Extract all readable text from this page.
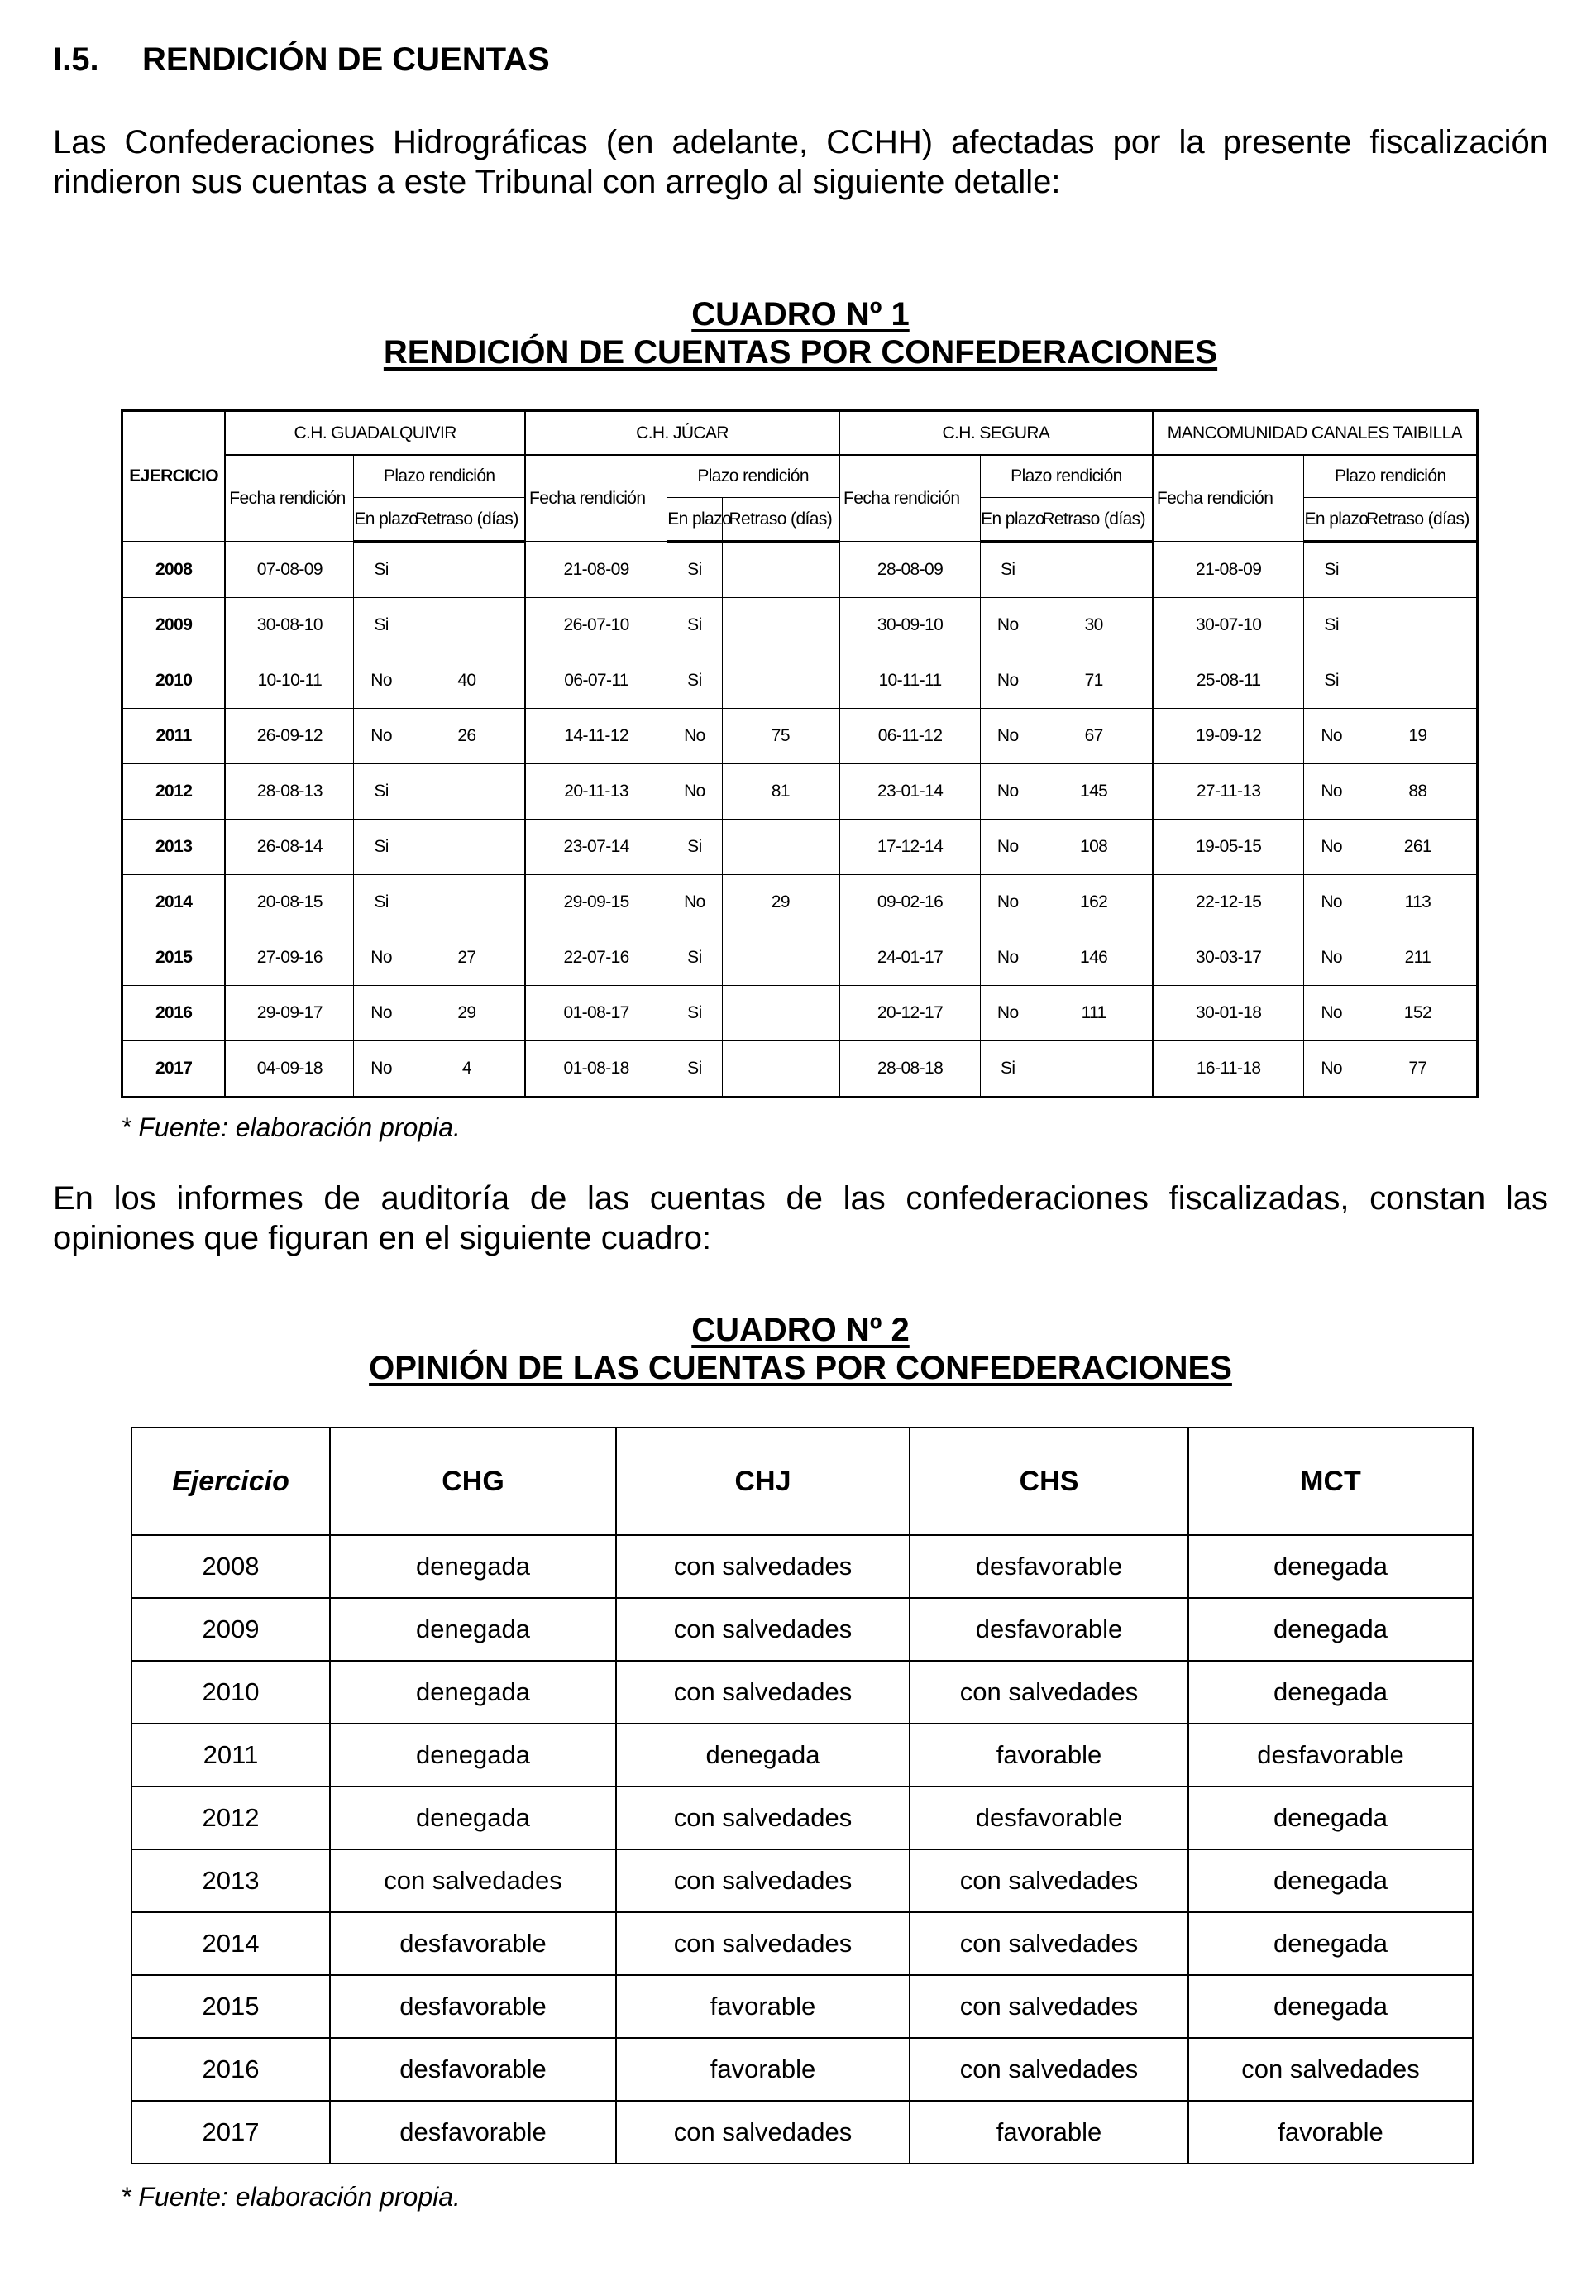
I.5. RENDICIÓN DE CUENTAS
Las Confederaciones Hidrográficas (en adelante, CCHH) afectadas por la presente fiscalización rindieron sus cuentas a este Tribunal con arreglo al siguiente detalle:
CUADRO Nº 1
RENDICIÓN DE CUENTAS POR CONFEDERACIONES
EJERCICIO	C.H. GUADALQUIVIR			C.H. JÚCAR			C.H. SEGURA			MANCOMUNIDAD CANALES TAIBILLA		
	Fecha rendición	Plazo rendición		Fecha rendición	Plazo rendición		Fecha rendición	Plazo rendición		Fecha rendición	Plazo rendición	
		En plazo	Retraso (días)		En plazo	Retraso (días)		En plazo	Retraso (días)		En plazo	Retraso (días)
2008	07-08-09	Si		21-08-09	Si		28-08-09	Si		21-08-09	Si	
2009	30-08-10	Si		26-07-10	Si		30-09-10	No	30	30-07-10	Si	
2010	10-10-11	No	40	06-07-11	Si		10-11-11	No	71	25-08-11	Si	
2011	26-09-12	No	26	14-11-12	No	75	06-11-12	No	67	19-09-12	No	19
2012	28-08-13	Si		20-11-13	No	81	23-01-14	No	145	27-11-13	No	88
2013	26-08-14	Si		23-07-14	Si		17-12-14	No	108	19-05-15	No	261
2014	20-08-15	Si		29-09-15	No	29	09-02-16	No	162	22-12-15	No	113
2015	27-09-16	No	27	22-07-16	Si		24-01-17	No	146	30-03-17	No	211
2016	29-09-17	No	29	01-08-17	Si		20-12-17	No	111	30-01-18	No	152
2017	04-09-18	No	4	01-08-18	Si		28-08-18	Si		16-11-18	No	77
* Fuente: elaboración propia.
En los informes de auditoría de las cuentas de las confederaciones fiscalizadas, constan las opiniones que figuran en el siguiente cuadro:
CUADRO Nº 2
OPINIÓN DE LAS CUENTAS POR CONFEDERACIONES
Ejercicio	CHG	CHJ	CHS	MCT
2008	denegada	con salvedades	desfavorable	denegada
2009	denegada	con salvedades	desfavorable	denegada
2010	denegada	con salvedades	con salvedades	denegada
2011	denegada	denegada	favorable	desfavorable
2012	denegada	con salvedades	desfavorable	denegada
2013	con salvedades	con salvedades	con salvedades	denegada
2014	desfavorable	con salvedades	con salvedades	denegada
2015	desfavorable	favorable	con salvedades	denegada
2016	desfavorable	favorable	con salvedades	con salvedades
2017	desfavorable	con salvedades	favorable	favorable
* Fuente: elaboración propia.
